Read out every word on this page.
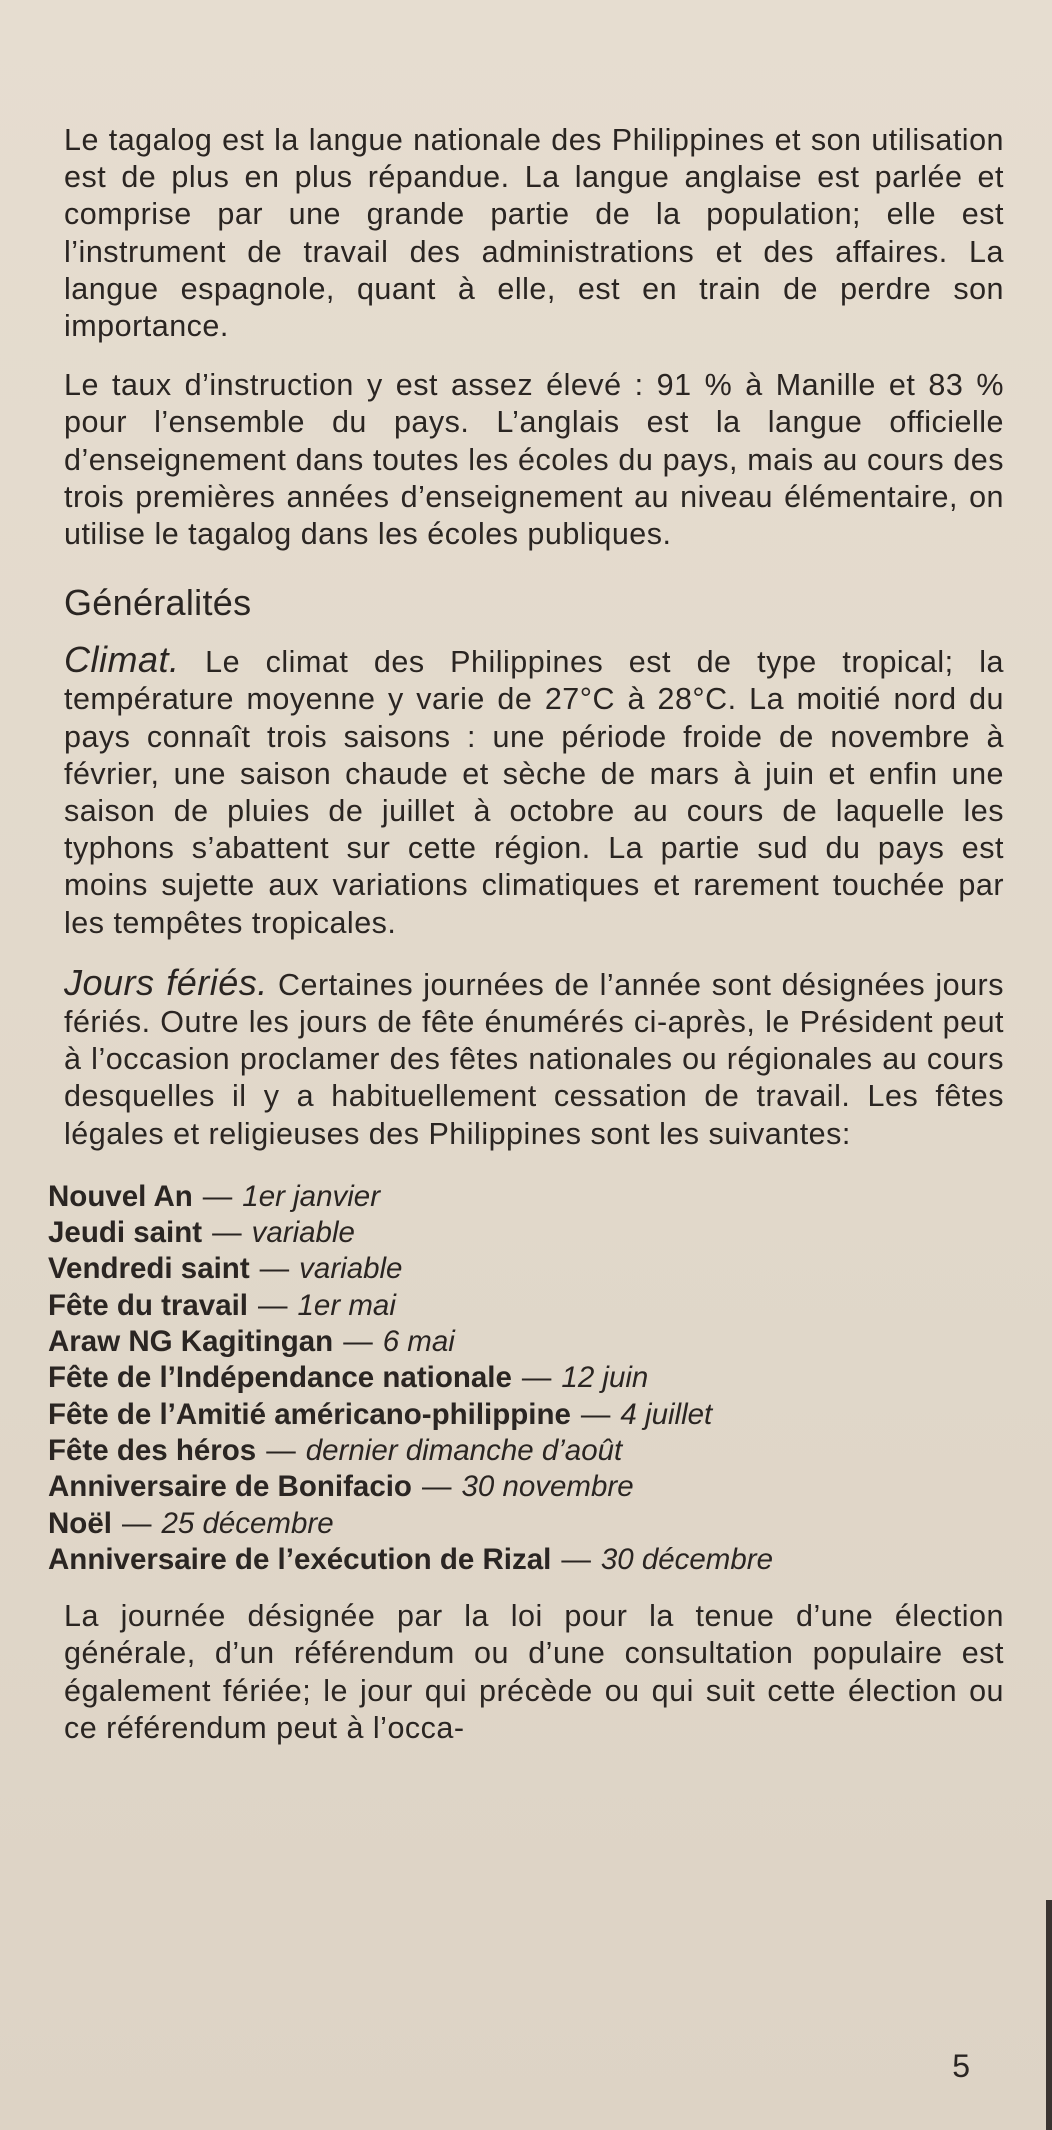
Le tagalog est la langue nationale des Philippines et son utilisation est de plus en plus répandue. La langue anglaise est parlée et comprise par une grande partie de la population; elle est l’instrument de travail des administrations et des affaires. La langue espagnole, quant à elle, est en train de perdre son importance.

Le taux d’instruction y est assez élevé : 91 % à Manille et 83 % pour l’ensemble du pays. L’anglais est la langue officielle d’enseignement dans toutes les écoles du pays, mais au cours des trois premières années d’enseignement au niveau élémentaire, on utilise le tagalog dans les écoles publiques.

Généralités

Climat. Le climat des Philippines est de type tropical; la température moyenne y varie de 27°C à 28°C. La moitié nord du pays connaît trois saisons : une période froide de novembre à février, une saison chaude et sèche de mars à juin et enfin une saison de pluies de juillet à octobre au cours de laquelle les typhons s’abattent sur cette région. La partie sud du pays est moins sujette aux variations climatiques et rarement touchée par les tempêtes tropicales.

Jours fériés. Certaines journées de l’année sont désignées jours fériés. Outre les jours de fête énumérés ci-après, le Président peut à l’occasion proclamer des fêtes nationales ou régionales au cours desquelles il y a habituellement cessation de travail. Les fêtes légales et religieuses des Philippines sont les suivantes:

Nouvel An — 1er janvier
Jeudi saint — variable
Vendredi saint — variable
Fête du travail — 1er mai
Araw NG Kagitingan — 6 mai
Fête de l’Indépendance nationale — 12 juin
Fête de l’Amitié américano-philippine — 4 juillet
Fête des héros — dernier dimanche d’août
Anniversaire de Bonifacio — 30 novembre
Noël — 25 décembre
Anniversaire de l’exécution de Rizal — 30 décembre

La journée désignée par la loi pour la tenue d’une élection générale, d’un référendum ou d’une consultation populaire est également fériée; le jour qui précède ou qui suit cette élection ou ce référendum peut à l’occa-

5
